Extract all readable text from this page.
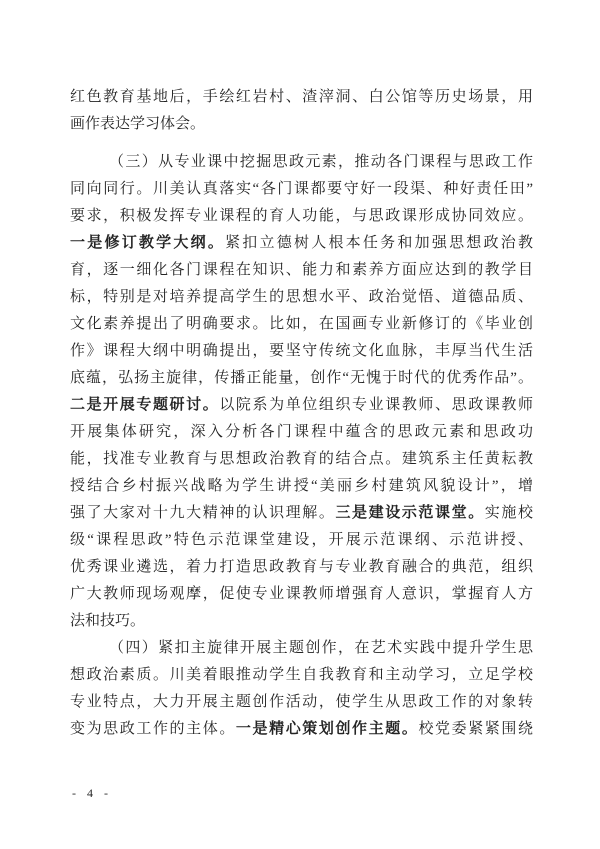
红色教育基地后，手绘红岩村、渣滓洞、白公馆等历史场景，用
画作表达学习体会。
（三）从专业课中挖掘思政元素，推动各门课程与思政工作
同向同行。川美认真落实“各门课都要守好一段渠、种好责任田”
要求，积极发挥专业课程的育人功能，与思政课形成协同效应。
一是修订教学大纲。紧扣立德树人根本任务和加强思想政治教
育，逐一细化各门课程在知识、能力和素养方面应达到的教学目
标，特别是对培养提高学生的思想水平、政治觉悟、道德品质、
文化素养提出了明确要求。比如，在国画专业新修订的《毕业创
作》课程大纲中明确提出，要坚守传统文化血脉，丰厚当代生活
底蕴，弘扬主旋律，传播正能量，创作“无愧于时代的优秀作品”。
二是开展专题研讨。以院系为单位组织专业课教师、思政课教师
开展集体研究，深入分析各门课程中蕴含的思政元素和思政功
能，找准专业教育与思想政治教育的结合点。建筑系主任黄耘教
授结合乡村振兴战略为学生讲授“美丽乡村建筑风貌设计”，增
强了大家对十九大精神的认识理解。三是建设示范课堂。实施校
级“课程思政”特色示范课堂建设，开展示范课纲、示范讲授、
优秀课业遴选，着力打造思政教育与专业教育融合的典范，组织
广大教师现场观摩，促使专业课教师增强育人意识，掌握育人方
法和技巧。
（四）紧扣主旋律开展主题创作，在艺术实践中提升学生思
想政治素质。川美着眼推动学生自我教育和主动学习，立足学校
专业特点，大力开展主题创作活动，使学生从思政工作的对象转
变为思政工作的主体。一是精心策划创作主题。校党委紧紧围绕
- 4 -
